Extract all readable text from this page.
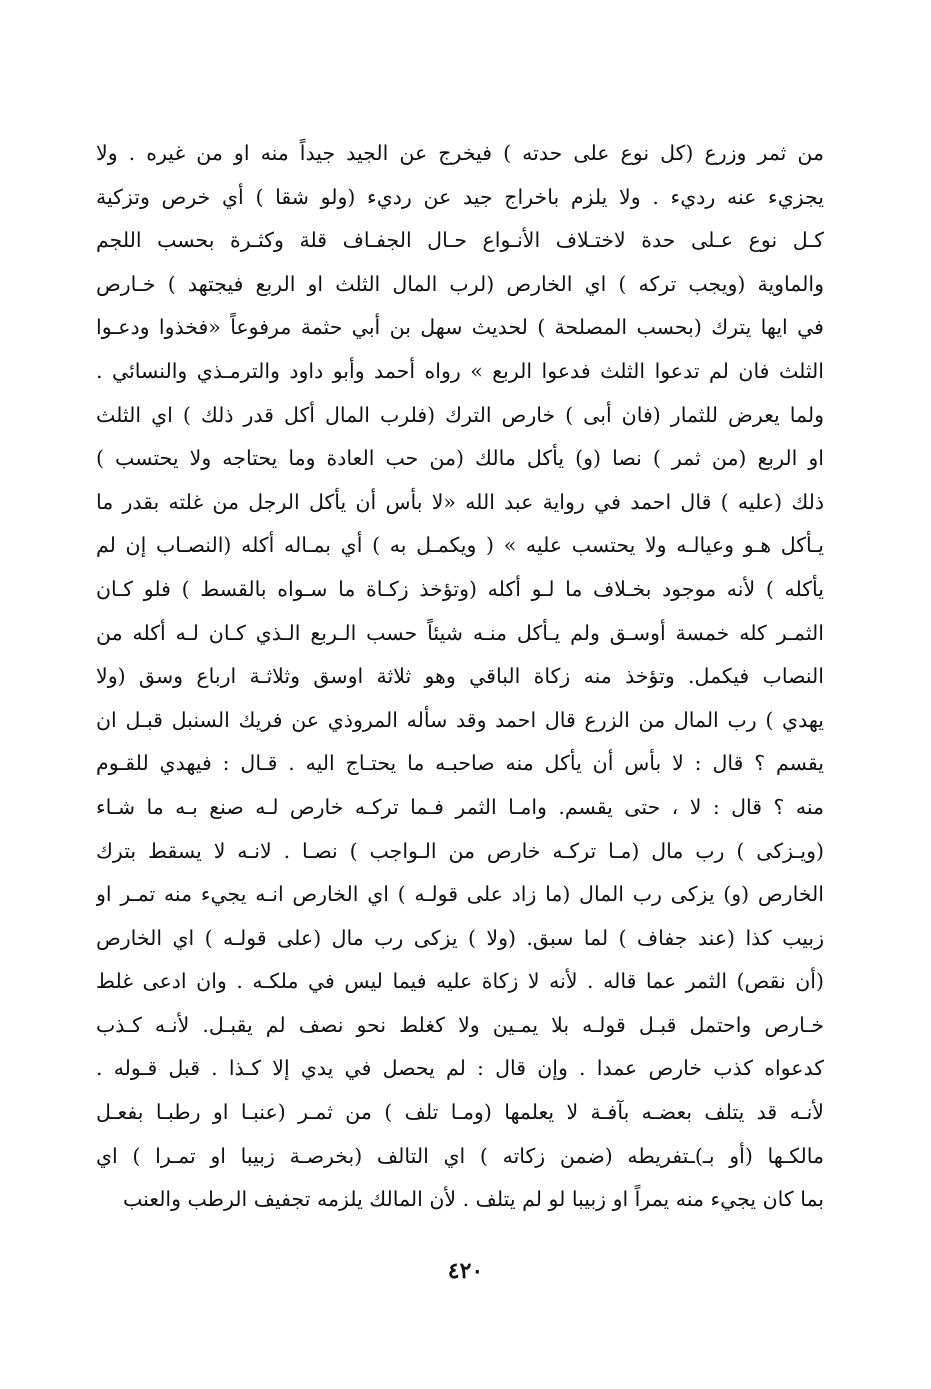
من ثمر وزرع (كل نوع على حدته ) فيخرج عن الجيد جيداً منه او من غيره . ولا
يجزيء عنه رديء . ولا يلزم باخراج جيد عن رديء (ولو شقا ) أي خرص وتزكية
كـل نوع عـلى حدة لاختـلاف الأنـواع حـال الجفـاف قلة وكثـرة بحسب اللجم
والماوية (ويجب تركه ) اي الخارص (لرب المال الثلث او الربع فيجتهد ) خـارص
في ايها يترك (بحسب المصلحة ) لحديث سهل بن أبي حثمة مرفوعاً «فخذوا ودعـوا
الثلث فان لم تدعوا الثلث فدعوا الربع » رواه أحمد وأبو داود والترمـذي والنسائي .
ولما يعرض للثمار (فان أبى ) خارص الترك (فلرب المال أكل قدر ذلك ) اي الثلث
او الربع (من ثمر ) نصا (و) يأكل مالك (من حب العادة وما يحتاجه ولا يحتسب )
ذلك (عليه ) قال احمد في رواية عبد الله «لا بأس أن يأكل الرجل من غلته بقدر ما
يـأكل هـو وعيالـه ولا يحتسب عليه » ( ويكمـل به ) أي بمـاله أكله (النصـاب إن لم
يأكله ) لأنه موجود بخـلاف ما لـو أكله (وتؤخذ زكـاة ما سـواه بالقسط ) فلو كـان
الثمـر كله خمسة أوسـق ولم يـأكل منـه شيئاً حسب الـربع الـذي كـان لـه أكله من
النصاب فيكمل. وتؤخذ منه زكاة الباقي وهو ثلاثة اوسق وثلاثـة ارباع وسق (ولا
يهدي ) رب المال من الزرع قال احمد وقد سأله المروذي عن فريك السنبل قبـل ان
يقسم ؟ قال : لا بأس أن يأكل منه صاحبـه ما يحتـاج اليه . قـال : فيهدي للقـوم
منه ؟ قال : لا ، حتى يقسم. وامـا الثمر فـما تركـه خارص لـه صنع بـه ما شـاء
(ويـزكى ) رب مال (مـا تركـه خارص من الـواجب ) نصـا . لانـه لا يسقط بترك
الخارص (و) يزكى رب المال (ما زاد على قولـه ) اي الخارص انـه يجيء منه تمـر او
زبيب كذا (عند جفاف ) لما سبق. (ولا ) يزكى رب مال (على قولـه ) اي الخارص
(أن نقص) الثمر عما قاله . لأنه لا زكاة عليه فيما ليس في ملكـه . وان ادعى غلط
خـارص واحتمل قبـل قولـه بلا يمـين ولا كغلط نحو نصف لم يقبـل. لأنـه كـذب
كدعواه كذب خارص عمدا . وإن قال : لم يحصل في يدي إلا كـذا . قبل قـوله .
لأنـه قد يتلف بعضـه بآفـة لا يعلمها (ومـا تلف ) من ثمـر (عنبـا او رطبـا بفعـل
مالكـها (أو بـ)ـتفريطه (ضمن زكاته ) اي التالف (بخرصـة زبيبا او تمـرا ) اي
بما كان يجيء منه يمراً او زبيبا لو لم يتلف . لأن المالك يلزمه تجفيف الرطب والعنب
٤٢٠
